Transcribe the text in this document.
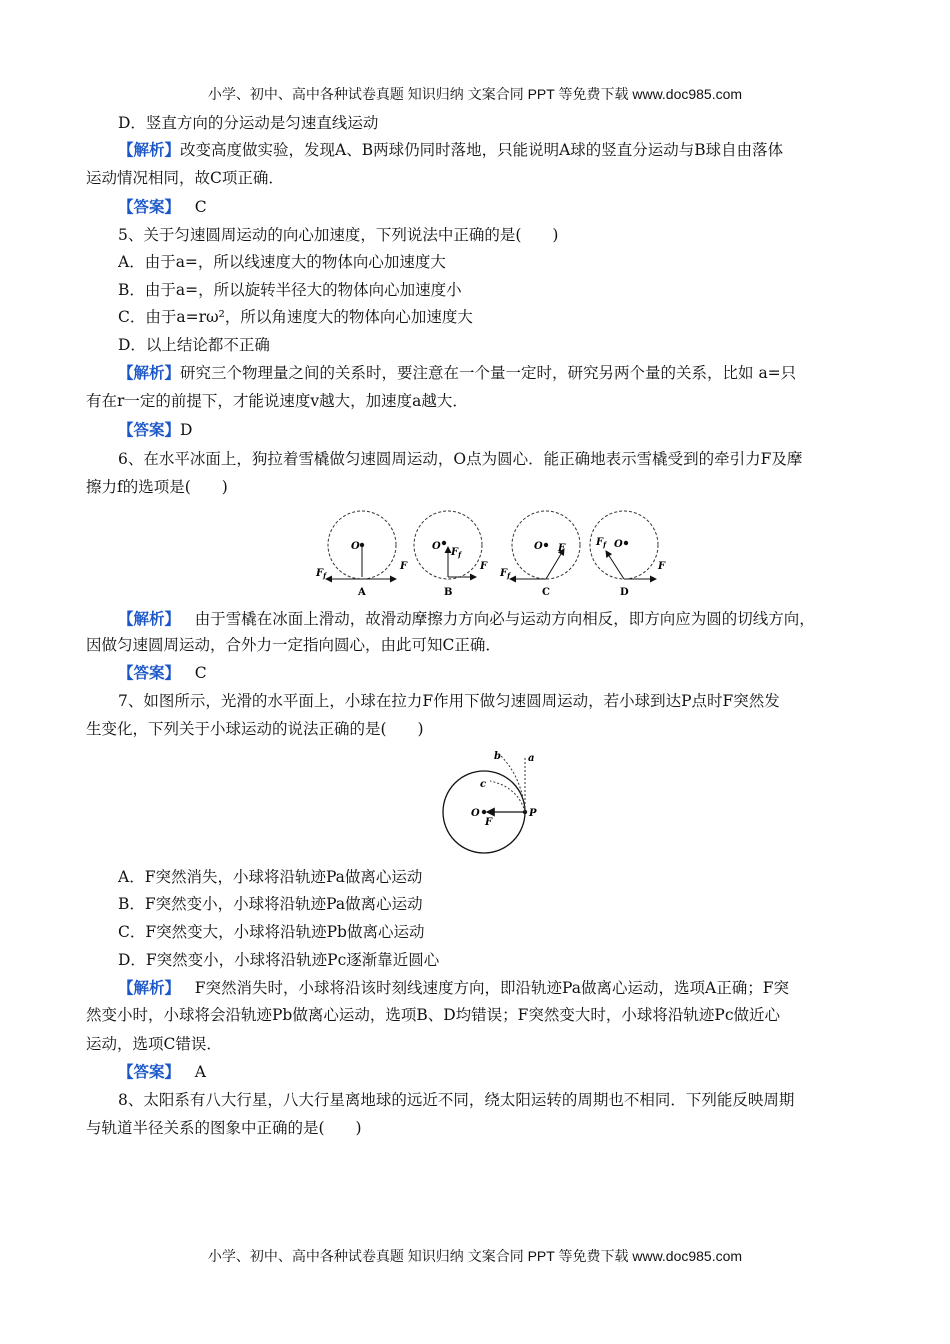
小学、初中、高中各种试卷真题 知识归纳 文案合同 PPT 等免费下载 www.doc985.com
D．竖直方向的分运动是匀速直线运动
【解析】改变高度做实验，发现A、B两球仍同时落地，只能说明A球的竖直分运动与B球自由落体
运动情况相同，故C项正确．
【答案】 C
5、关于匀速圆周运动的向心加速度，下列说法中正确的是(　　)
A．由于a=，所以线速度大的物体向心加速度大
B．由于a=，所以旋转半径大的物体向心加速度小
C．由于a=rω²，所以角速度大的物体向心加速度大
D．以上结论都不正确
【解析】研究三个物理量之间的关系时，要注意在一个量一定时，研究另两个量的关系，比如 a=只
有在r一定的前提下，才能说速度v越大，加速度a越大．
【答案】D
6、在水平冰面上，狗拉着雪橇做匀速圆周运动，O点为圆心．能正确地表示雪橇受到的牵引力F及摩
擦力f的选项是(　　)
O
$F_f$
F
A
O
$F_f$
F
B
O F
$F_f$
C
O
$F_f$
F
D
【解析】 由于雪橇在冰面上滑动，故滑动摩擦力方向必与运动方向相反，即方向应为圆的切线方向，
因做匀速圆周运动，合外力一定指向圆心，由此可知C正确．
【答案】 C
7、如图所示，光滑的水平面上，小球在拉力F作用下做匀速圆周运动，若小球到达P点时F突然发
生变化，下列关于小球运动的说法正确的是(　　)
a
b
c
O
F
P
A．F突然消失，小球将沿轨迹Pa做离心运动
B．F突然变小，小球将沿轨迹Pa做离心运动
C．F突然变大，小球将沿轨迹Pb做离心运动
D．F突然变小，小球将沿轨迹Pc逐渐靠近圆心
【解析】 F突然消失时，小球将沿该时刻线速度方向，即沿轨迹Pa做离心运动，选项A正确；F突
然变小时，小球将会沿轨迹Pb做离心运动，选项B、D均错误；F突然变大时，小球将沿轨迹Pc做近心
运动，选项C错误．
【答案】 A
8、太阳系有八大行星，八大行星离地球的远近不同，绕太阳运转的周期也不相同．下列能反映周期
与轨道半径关系的图象中正确的是(　　)
小学、初中、高中各种试卷真题 知识归纳 文案合同 PPT 等免费下载 www.doc985.com
